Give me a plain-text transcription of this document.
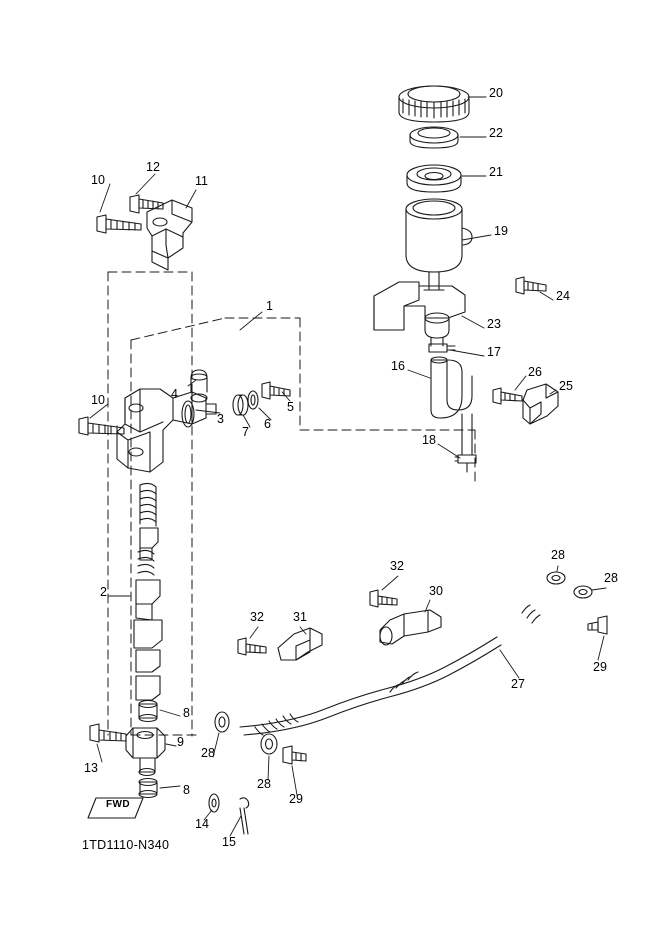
1
2
3
4
5
6
7
8
8
9
10
10
11
12
13
14
15
16
17
18
19
20
21
22
23
24
25
26
27
28
28
28
28
29
29
30
31
32
32
FWD
1TD1110-N340
